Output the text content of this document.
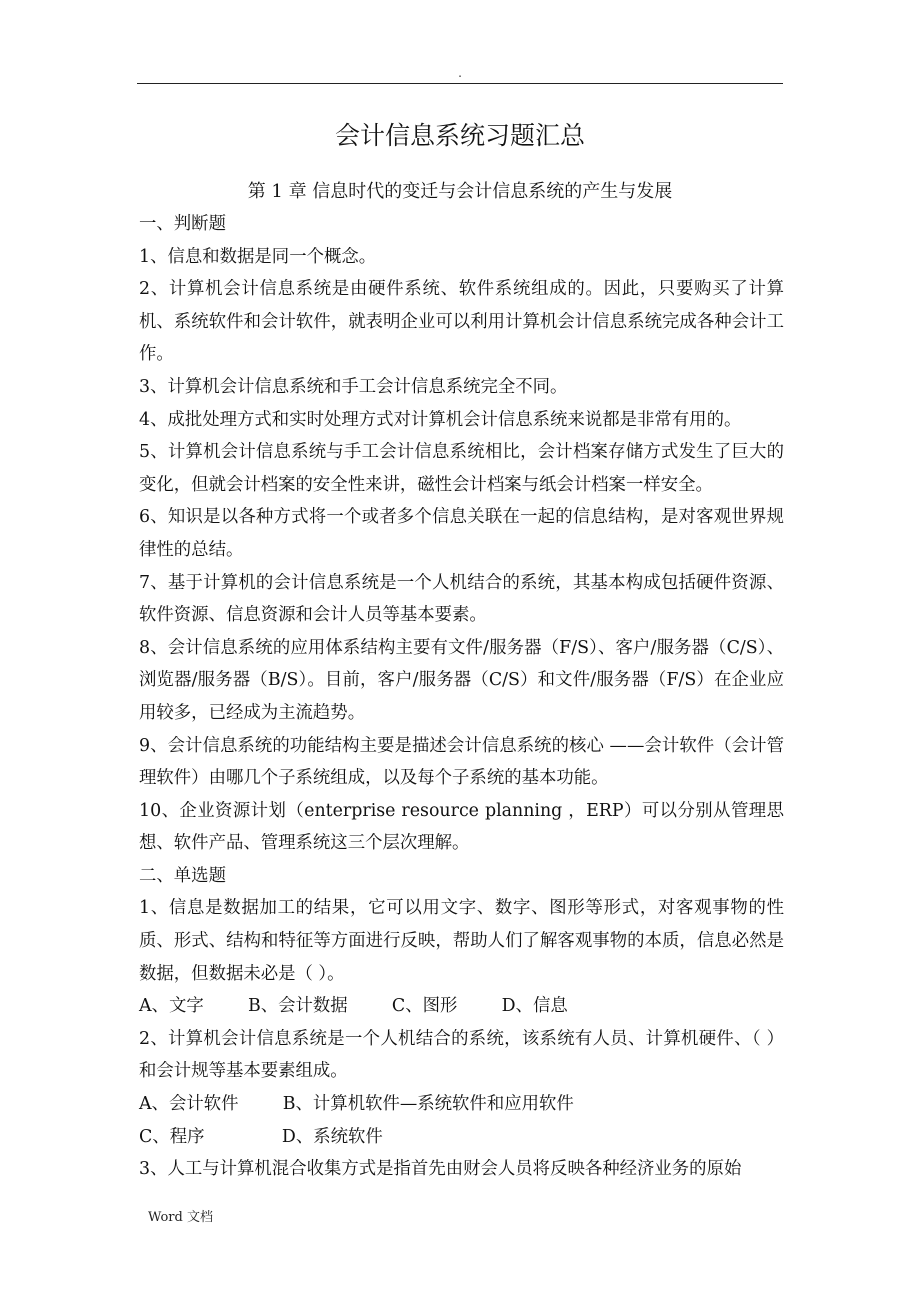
.
会计信息系统习题汇总
第 1 章 信息时代的变迁与会计信息系统的产生与发展

一、判断题

1、信息和数据是同一个概念。

2、计算机会计信息系统是由硬件系统、软件系统组成的。因此，只要购买了计算机、系统软件和会计软件，就表明企业可以利用计算机会计信息系统完成各种会计工作。

3、计算机会计信息系统和手工会计信息系统完全不同。

4、成批处理方式和实时处理方式对计算机会计信息系统来说都是非常有用的。

5、计算机会计信息系统与手工会计信息系统相比，会计档案存储方式发生了巨大的变化，但就会计档案的安全性来讲，磁性会计档案与纸会计档案一样安全。

6、知识是以各种方式将一个或者多个信息关联在一起的信息结构，是对客观世界规律性的总结。

7、基于计算机的会计信息系统是一个人机结合的系统，其基本构成包括硬件资源、软件资源、信息资源和会计人员等基本要素。

8、会计信息系统的应用体系结构主要有文件/服务器（F/S）、客户/服务器（C/S）、浏览器/服务器（B/S）。目前，客户/服务器（C/S）和文件/服务器（F/S）在企业应用较多，已经成为主流趋势。

9、会计信息系统的功能结构主要是描述会计信息系统的核心 ——会计软件（会计管理软件）由哪几个子系统组成，以及每个子系统的基本功能。

10、企业资源计划（enterprise resource planning ，ERP）可以分别从管理思想、软件产品、管理系统这三个层次理解。

二、单选题

1、信息是数据加工的结果，它可以用文字、数字、图形等形式，对客观事物的性质、形式、结构和特征等方面进行反映，帮助人们了解客观事物的本质，信息必然是数据，但数据未必是（ ）。

A、文字        B、会计数据        C、图形        D、信息

2、计算机会计信息系统是一个人机结合的系统，该系统有人员、计算机硬件、（ ）和会计规等基本要素组成。

A、会计软件        B、计算机软件—系统软件和应用软件

C、程序              D、系统软件

3、人工与计算机混合收集方式是指首先由财会人员将反映各种经济业务的原始

Word 文档
